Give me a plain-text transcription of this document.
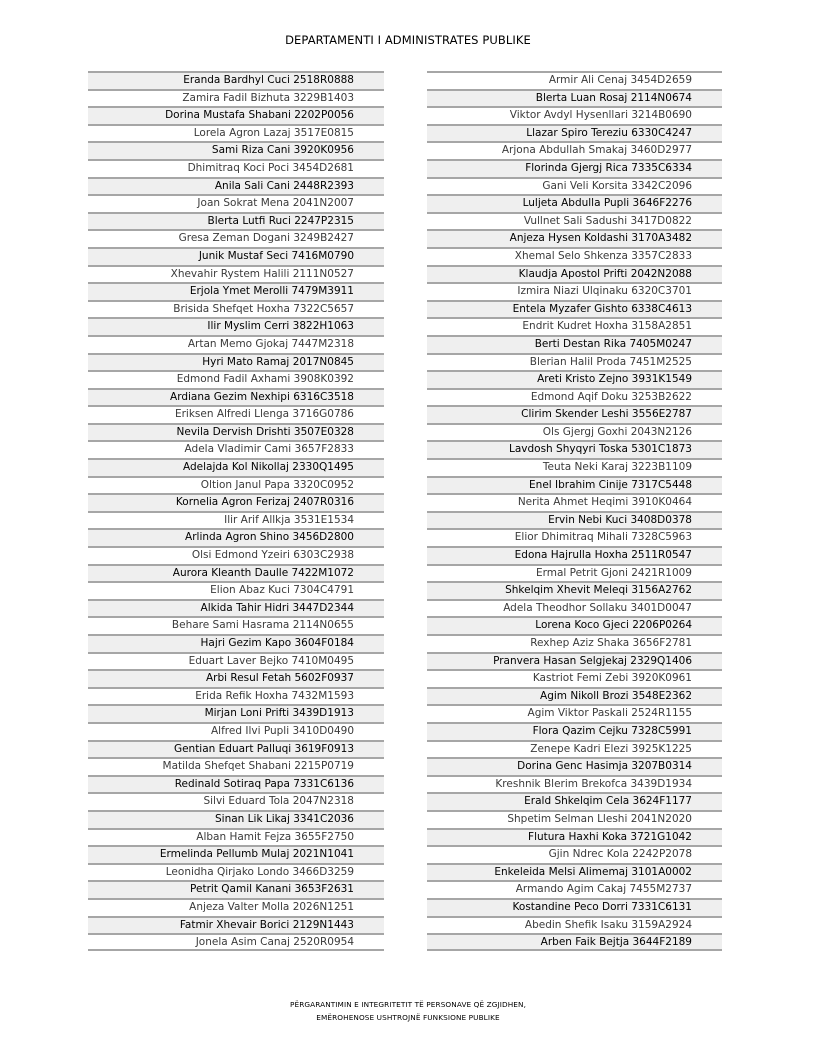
DEPARTAMENTI I ADMINISTRATES PUBLIKE
Eranda Bardhyl Cuci 2518R0888
Zamira Fadil Bizhuta 3229B1403
Dorina Mustafa Shabani 2202P0056
Lorela Agron Lazaj 3517E0815
Sami Riza Cani 3920K0956
Dhimitraq Koci Poci 3454D2681
Anila Sali Cani 2448R2393
Joan Sokrat Mena 2041N2007
Blerta Lutfi Ruci 2247P2315
Gresa Zeman Dogani 3249B2427
Junik Mustaf Seci 7416M0790
Xhevahir Rystem Halili 2111N0527
Erjola Ymet Merolli 7479M3911
Brisida Shefqet Hoxha 7322C5657
Ilir Myslim Cerri 3822H1063
Artan Memo Gjokaj 7447M2318
Hyri Mato Ramaj 2017N0845
Edmond Fadil Axhami 3908K0392
Ardiana Gezim Nexhipi 6316C3518
Eriksen Alfredi Llenga 3716G0786
Nevila Dervish Drishti 3507E0328
Adela Vladimir Cami 3657F2833
Adelajda Kol Nikollaj 2330Q1495
Oltion Janul Papa 3320C0952
Kornelia Agron Ferizaj 2407R0316
Ilir Arif Allkja 3531E1534
Arlinda Agron Shino 3456D2800
Olsi Edmond Yzeiri 6303C2938
Aurora Kleanth Daulle 7422M1072
Elion Abaz Kuci 7304C4791
Alkida Tahir Hidri 3447D2344
Behare Sami Hasrama 2114N0655
Hajri Gezim Kapo 3604F0184
Eduart Laver Bejko 7410M0495
Arbi Resul Fetah 5602F0937
Erida Refik Hoxha 7432M1593
Mirjan Loni Prifti 3439D1913
Alfred Ilvi Pupli 3410D0490
Gentian Eduart Palluqi 3619F0913
Matilda Shefqet Shabani 2215P0719
Redinald Sotiraq Papa 7331C6136
Silvi Eduard Tola 2047N2318
Sinan Lik Likaj 3341C2036
Alban Hamit Fejza 3655F2750
Ermelinda Pellumb Mulaj 2021N1041
Leonidha Qirjako Londo 3466D3259
Petrit Qamil Kanani 3653F2631
Anjeza Valter Molla 2026N1251
Fatmir Xhevair Borici 2129N1443
Jonela Asim Canaj 2520R0954
Armir Ali Cenaj 3454D2659
Blerta Luan Rosaj 2114N0674
Viktor Avdyl Hysenllari 3214B0690
Llazar Spiro Tereziu 6330C4247
Arjona Abdullah Smakaj 3460D2977
Florinda Gjergj Rica 7335C6334
Gani Veli Korsita 3342C2096
Luljeta Abdulla Pupli 3646F2276
Vullnet Sali Sadushi 3417D0822
Anjeza Hysen Koldashi 3170A3482
Xhemal Selo Shkenza 3357C2833
Klaudja Apostol Prifti 2042N2088
Izmira Niazi Ulqinaku 6320C3701
Entela Myzafer Gishto 6338C4613
Endrit Kudret Hoxha 3158A2851
Berti Destan Rika 7405M0247
Blerian Halil Proda 7451M2525
Areti Kristo Zejno 3931K1549
Edmond Aqif Doku 3253B2622
Clirim Skender Leshi 3556E2787
Ols Gjergj Goxhi 2043N2126
Lavdosh Shyqyri Toska 5301C1873
Teuta Neki Karaj 3223B1109
Enel Ibrahim Cinije 7317C5448
Nerita Ahmet Heqimi 3910K0464
Ervin Nebi Kuci 3408D0378
Elior Dhimitraq Mihali 7328C5963
Edona Hajrulla Hoxha 2511R0547
Ermal Petrit Gjoni 2421R1009
Shkelqim Xhevit Meleqi 3156A2762
Adela Theodhor Sollaku 3401D0047
Lorena Koco Gjeci 2206P0264
Rexhep Aziz Shaka 3656F2781
Pranvera Hasan Selgjekaj 2329Q1406
Kastriot Femi Zebi 3920K0961
Agim Nikoll Brozi 3548E2362
Agim Viktor Paskali 2524R1155
Flora Qazim Cejku 7328C5991
Zenepe Kadri Elezi 3925K1225
Dorina Genc Hasimja 3207B0314
Kreshnik Blerim Brekofca 3439D1934
Erald Shkelqim Cela 3624F1177
Shpetim Selman Lleshi 2041N2020
Flutura Haxhi Koka 3721G1042
Gjin Ndrec Kola 2242P2078
Enkeleida Melsi Alimemaj 3101A0002
Armando Agim Cakaj 7455M2737
Kostandine Peco Dorri 7331C6131
Abedin Shefik Isaku 3159A2924
Arben Faik Bejtja 3644F2189
PËRGARANTIMIN E INTEGRITETIT TË PERSONAVE QË ZGJIDHEN,
EMËROHENOSE USHTROJNË FUNKSIONE PUBLIKE
